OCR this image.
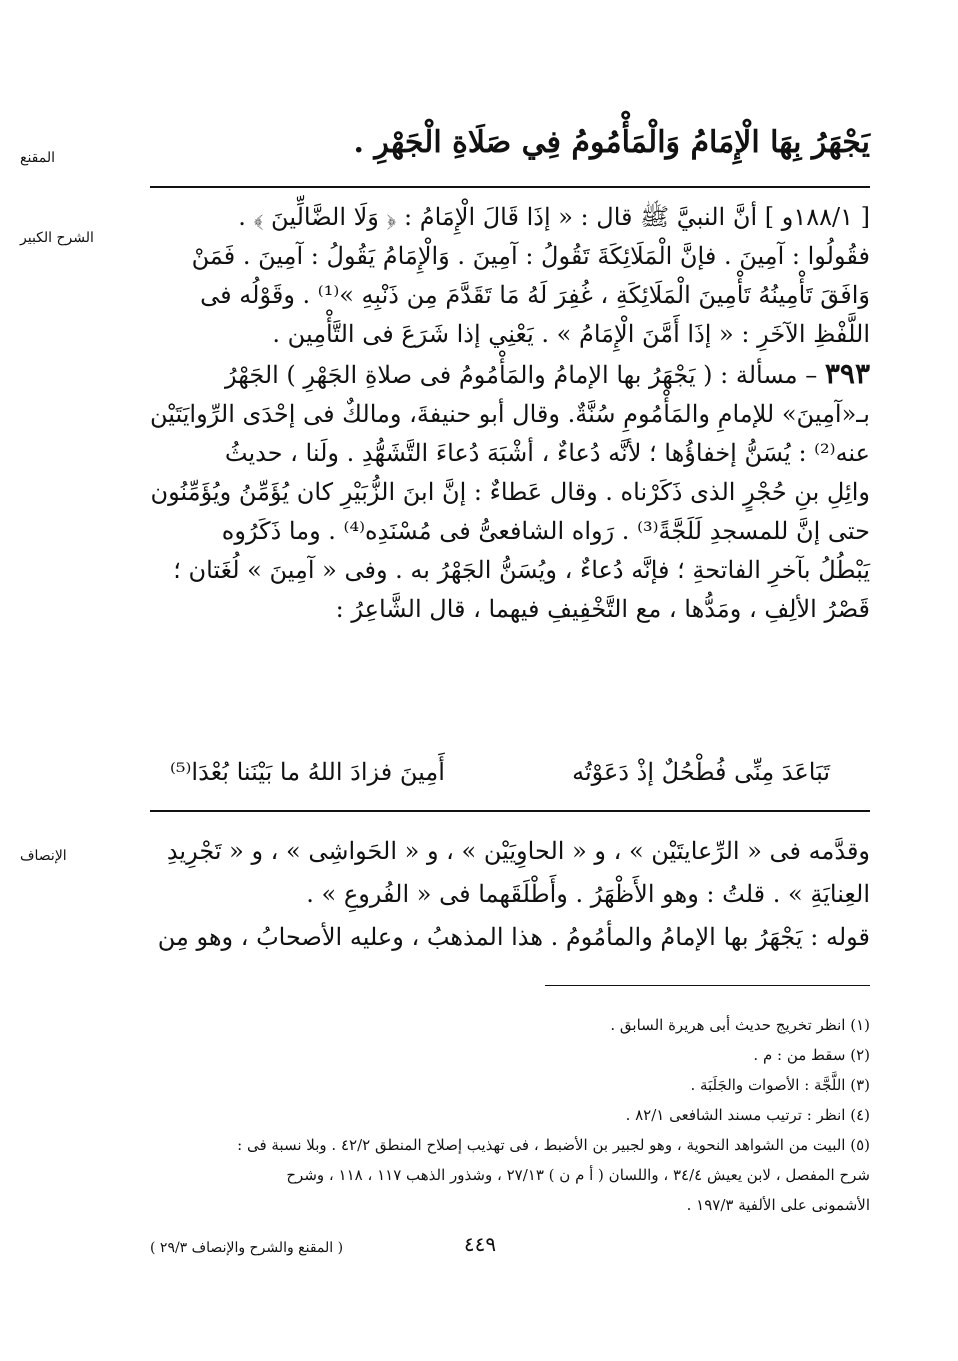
المقنع
الشرح الكبير
الإنصاف
يَجْهَرُ بِهَا الْإِمَامُ وَالْمَأْمُومُ فِي صَلَاةِ الْجَهْرِ .

[ ١٨٨/١و ] أنَّ النبيَّ ﷺ قال : « إذَا قَالَ الْإِمَامُ : ﴿ وَلَا الضَّالِّينَ ﴾ .

فقُولُوا : آمِينَ . فإنَّ الْمَلَائِكَةَ تَقُولُ : آمِينَ . وَالْإِمَامُ يَقُولُ : آمِينَ . فَمَنْ

وَافَقَ تَأْمِينُهُ تَأْمِينَ الْمَلَائِكَةِ ، غُفِرَ لَهُ مَا تَقَدَّمَ مِن ذَنْبِهِ »⁽¹⁾ . وقَوْلُه فى

اللَّفْظِ الآخَرِ : « إذَا أَمَّنَ الْإِمَامُ » . يَعْنِي إذا شَرَعَ فى التَّأْمِين .

٣٩٣ – مسألة : ( يَجْهَرُ بها الإمامُ والمَأْمُومُ فى صلاةِ الجَهْرِ ) الجَهْرُ

بـ«آمِينَ» للإمامِ والمَأْمُومِ سُنَّةٌ. وقال أبو حنيفةَ، ومالكٌ فى إحْدَى الرِّوايَتَيْن

عنه⁽²⁾ : يُسَنُّ إخفاؤُها ؛ لأنَّه دُعاءٌ ، أشْبَهَ دُعاءَ التَّشَهُّدِ . ولَنا ، حديثُ

وائِلِ بنِ حُجْرٍ الذى ذَكَرْناه . وقال عَطاءٌ : إنَّ ابنَ الزُّبَيْرِ كان يُؤَمِّنُ ويُؤَمِّنُون

حتى إنَّ للمسجدِ لَلَجَّةً⁽³⁾ . رَواه الشافعىُّ فى مُسْنَدِه⁽⁴⁾ . وما ذَكَرُوه

يَبْطُلُ بآخرِ الفاتحةِ ؛ فإنَّه دُعاءٌ ، ويُسَنُّ الجَهْرُ به . وفى « آمِينَ » لُغَتان ؛

قَصْرُ الألِفِ ، ومَدُّها ، مع التَّخْفِيفِ فيهما ، قال الشَّاعِرُ :

تَبَاعَدَ مِنِّى فُطْحُلٌ إذْ دَعَوْتُه
أَمِينَ فزادَ اللهُ ما بَيْنَنا بُعْدَا⁽⁵⁾

وقدَّمه فى « الرِّعايتَيْن » ، و « الحاوِيَيْن » ، و « الحَواشِى » ، و « تَجْرِيدِ

العِنايَةِ » . قلتُ : وهو الأَظْهَرُ . وأَطْلَقَهما فى « الفُروعِ » .

قوله : يَجْهَرُ بها الإمامُ والمأمُومُ . هذا المذهبُ ، وعليه الأصحابُ ، وهو مِن

(١) انظر تخريج حديث أبى هريرة السابق .
(٢) سقط من : م .
(٣) اللَّجَّة : الأصوات والجَلَبَة .
(٤) انظر : ترتيب مسند الشافعى ٨٢/١ .
(٥) البيت من الشواهد النحوية ، وهو لجبير بن الأضبط ، فى تهذيب إصلاح المنطق ٤٢/٢ . وبلا نسبة فى :
شرح المفصل ، لابن يعيش ٣٤/٤ ، واللسان ( أ م ن ) ٢٧/١٣ ، وشذور الذهب ١١٧ ، ١١٨ ، وشرح
الأشمونى على الألفية ١٩٧/٣ .
٤٤٩
( المقنع والشرح والإنصاف ٢٩/٣ )
